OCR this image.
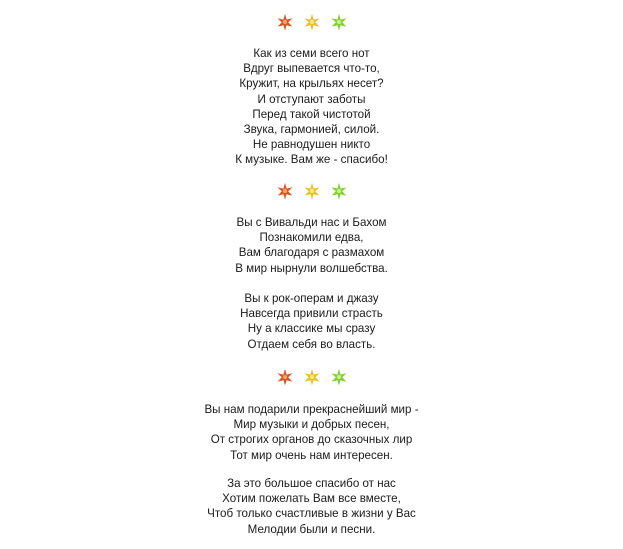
Как из семи всего нот
Вдруг выпевается что-то,
Кружит, на крыльях несет?
И отступают заботы
Перед такой чистотой
Звука, гармонией, силой.
Не равнодушен никто
К музыке. Вам же - спасибо!
Вы с Вивальди нас и Бахом
Познакомили едва,
Вам благодаря с размахом
В мир нырнули волшебства.
Вы к рок-операм и джазу
Навсегда привили страсть
Ну а классике мы сразу
Отдаем себя во власть.
Вы нам подарили прекраснейший мир -
Мир музыки и добрых песен,
От строгих органов до сказочных лир
Тот мир очень нам интересен.
За это большое спасибо от нас
Хотим пожелать Вам все вместе,
Чтоб только счастливые в жизни у Вас
Мелодии были и песни.
